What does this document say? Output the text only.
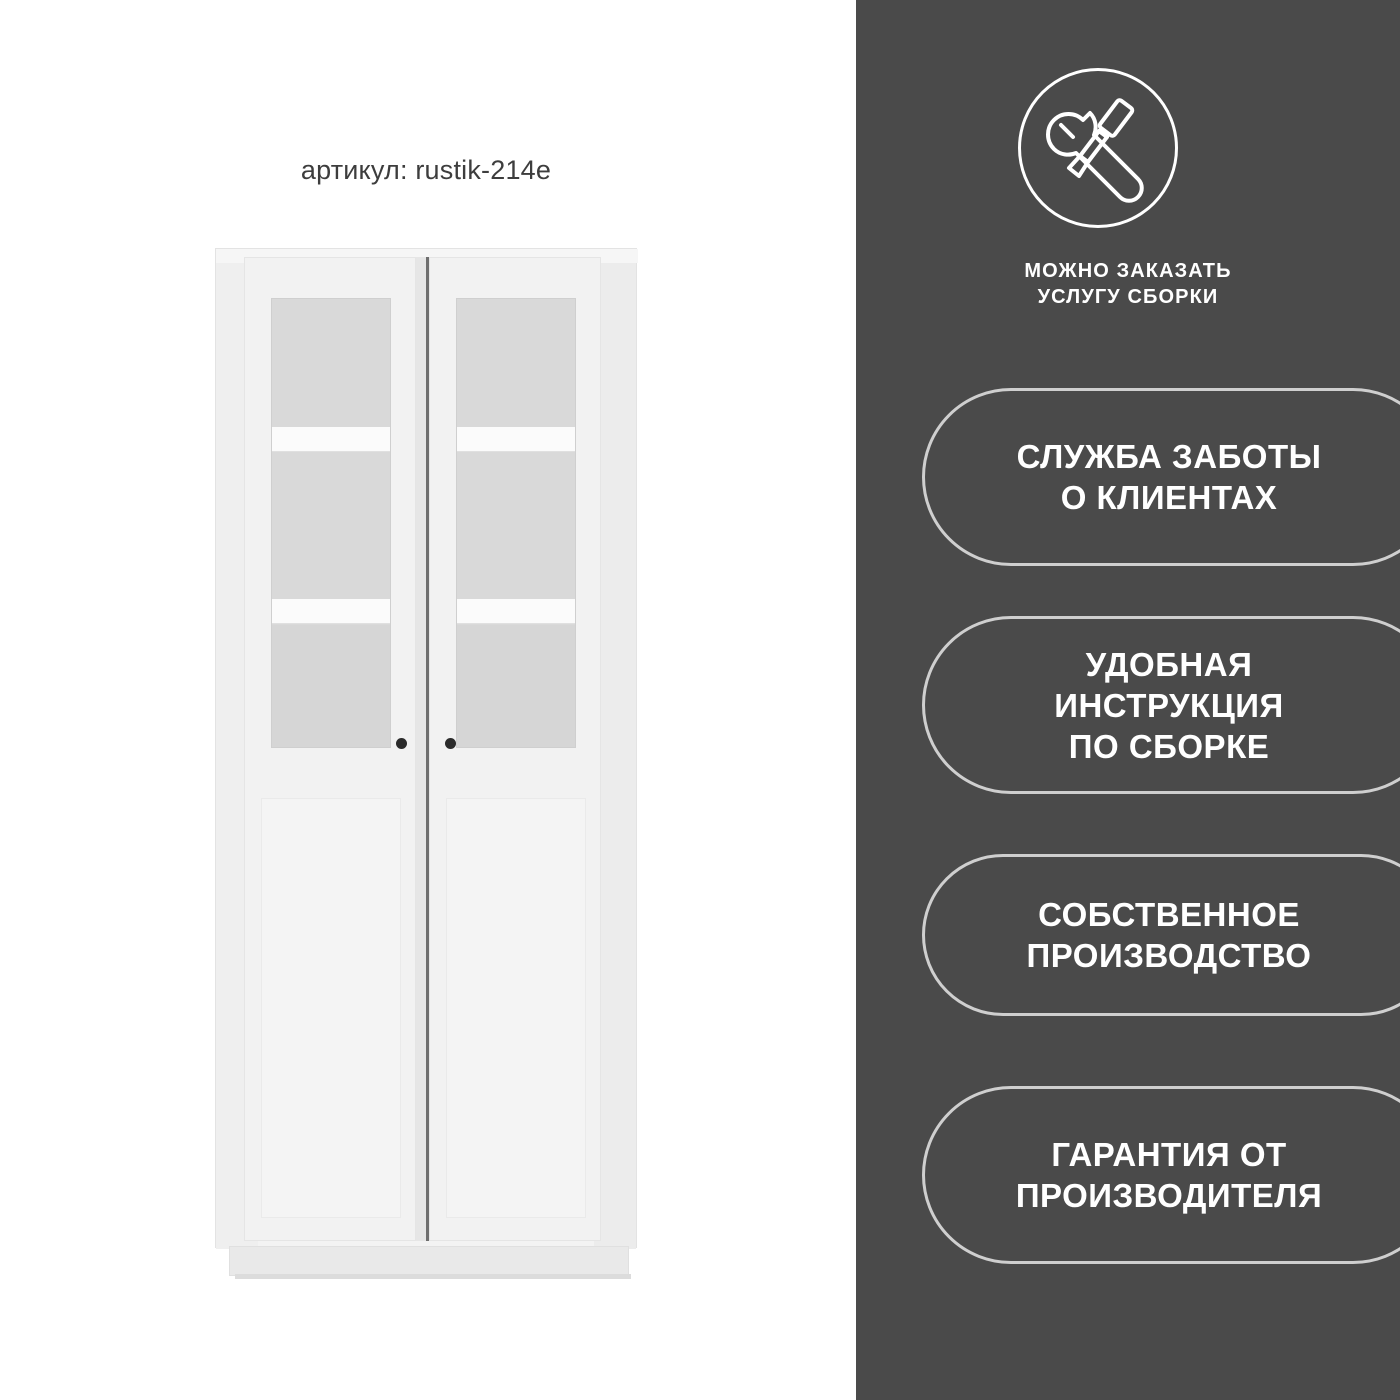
артикул: rustik-214e
МОЖНО ЗАКАЗАТЬ
УСЛУГУ СБОРКИ
СЛУЖБА ЗАБОТЫ
О КЛИЕНТАХ
УДОБНАЯ
ИНСТРУКЦИЯ
ПО СБОРКЕ
СОБСТВЕННОЕ
ПРОИЗВОДСТВО
ГАРАНТИЯ ОТ
ПРОИЗВОДИТЕЛЯ
